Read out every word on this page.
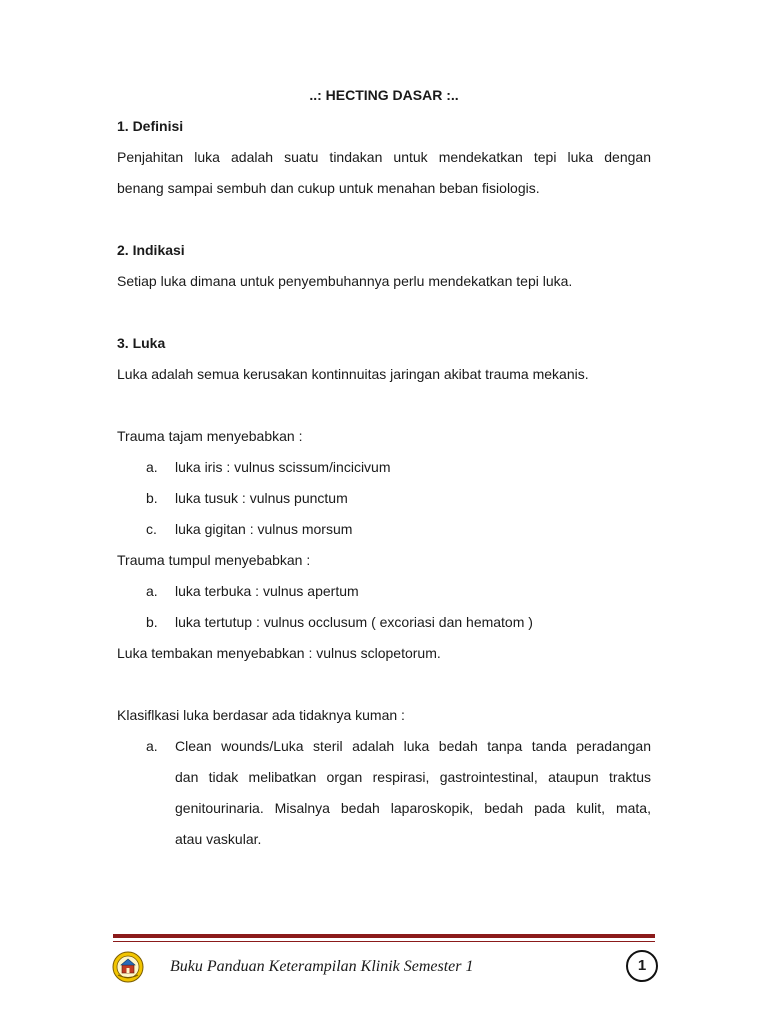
..: HECTING DASAR :..
1. Definisi
Penjahitan luka adalah suatu tindakan untuk mendekatkan tepi luka dengan
benang sampai sembuh dan cukup untuk menahan beban fisiologis.
2. Indikasi
Setiap luka dimana untuk penyembuhannya perlu mendekatkan tepi luka.
3. Luka
Luka adalah semua kerusakan kontinnuitas jaringan akibat trauma mekanis.
Trauma tajam menyebabkan :
a. luka iris : vulnus scissum/incicivum
b. luka tusuk : vulnus punctum
c. luka gigitan : vulnus morsum
Trauma tumpul menyebabkan :
a. luka terbuka : vulnus apertum
b. luka tertutup : vulnus occlusum ( excoriasi dan hematom )
Luka tembakan menyebabkan : vulnus sclopetorum.
Klasiflkasi luka berdasar ada tidaknya kuman :
a. Clean wounds/Luka steril adalah luka bedah tanpa tanda peradangan
dan tidak melibatkan organ respirasi, gastrointestinal, ataupun traktus
genitourinaria. Misalnya bedah laparoskopik, bedah pada kulit, mata,
atau vaskular.
Buku Panduan Keterampilan Klinik Semester 1	1
